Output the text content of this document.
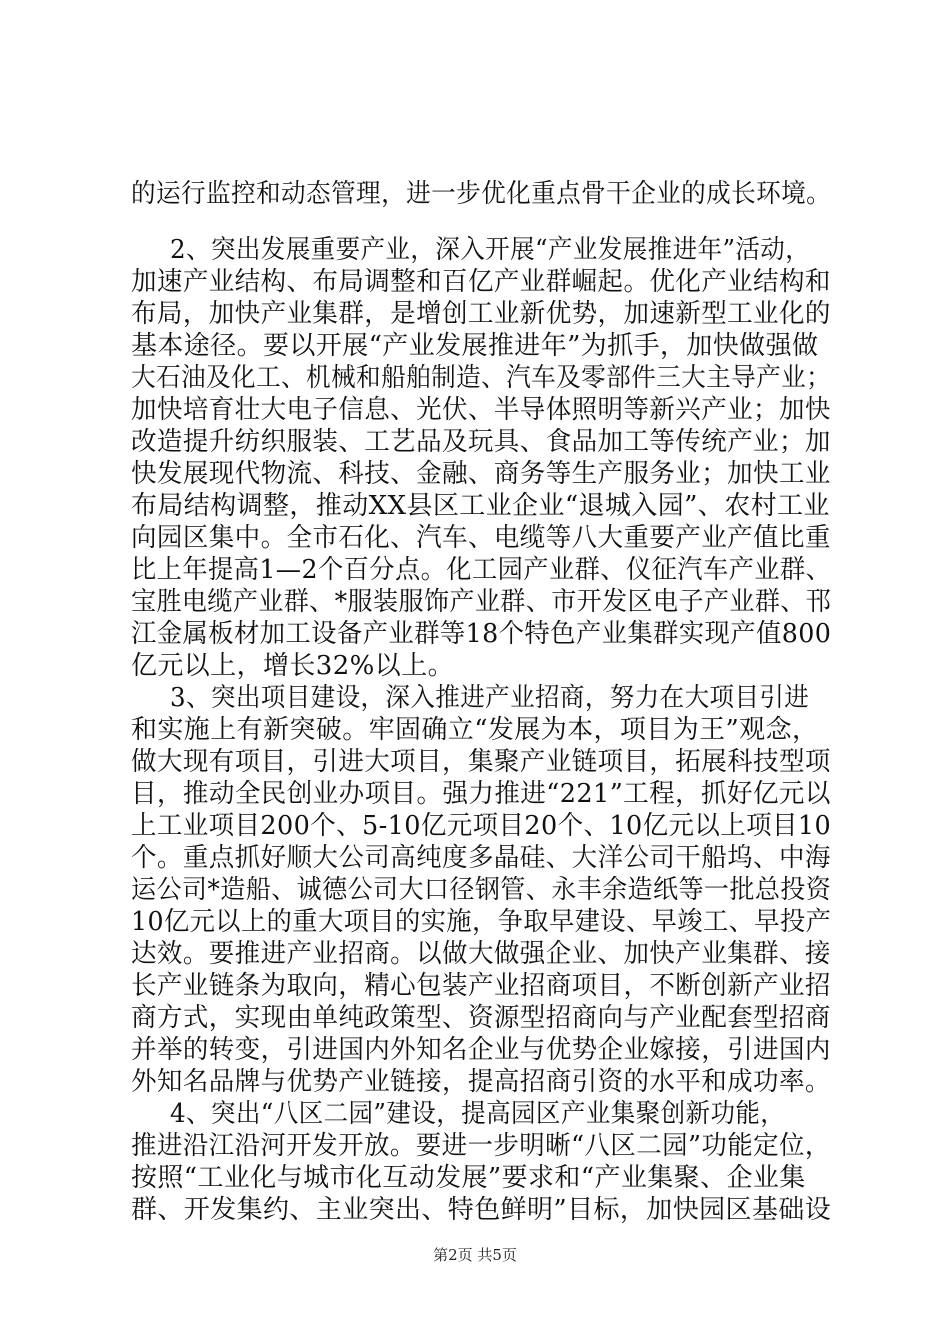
的运行监控和动态管理，进一步优化重点骨干企业的成长环境。
2、突出发展重要产业，深入开展“产业发展推进年”活动，
加速产业结构、布局调整和百亿产业群崛起。优化产业结构和
布局，加快产业集群，是增创工业新优势，加速新型工业化的
基本途径。要以开展“产业发展推进年”为抓手，加快做强做
大石油及化工、机械和船舶制造、汽车及零部件三大主导产业；
加快培育壮大电子信息、光伏、半导体照明等新兴产业；加快
改造提升纺织服装、工艺品及玩具、食品加工等传统产业；加
快发展现代物流、科技、金融、商务等生产服务业；加快工业
布局结构调整，推动XX县区工业企业“退城入园”、农村工业
向园区集中。全市石化、汽车、电缆等八大重要产业产值比重
比上年提高1—2个百分点。化工园产业群、仪征汽车产业群、
宝胜电缆产业群、*服装服饰产业群、市开发区电子产业群、邗
江金属板材加工设备产业群等18个特色产业集群实现产值800
亿元以上，增长32%以上。
3、突出项目建设，深入推进产业招商，努力在大项目引进
和实施上有新突破。牢固确立“发展为本，项目为王”观念，
做大现有项目，引进大项目，集聚产业链项目，拓展科技型项
目，推动全民创业办项目。强力推进“221”工程，抓好亿元以
上工业项目200个、5-10亿元项目20个、10亿元以上项目10
个。重点抓好顺大公司高纯度多晶硅、大洋公司干船坞、中海
运公司*造船、诚德公司大口径钢管、永丰余造纸等一批总投资
10亿元以上的重大项目的实施，争取早建设、早竣工、早投产
达效。要推进产业招商。以做大做强企业、加快产业集群、接
长产业链条为取向，精心包装产业招商项目，不断创新产业招
商方式，实现由单纯政策型、资源型招商向与产业配套型招商
并举的转变，引进国内外知名企业与优势企业嫁接，引进国内
外知名品牌与优势产业链接，提高招商引资的水平和成功率。
4、突出“八区二园”建设，提高园区产业集聚创新功能，
推进沿江沿河开发开放。要进一步明晰“八区二园”功能定位，
按照“工业化与城市化互动发展”要求和“产业集聚、企业集
群、开发集约、主业突出、特色鲜明”目标，加快园区基础设
第2页 共5页
